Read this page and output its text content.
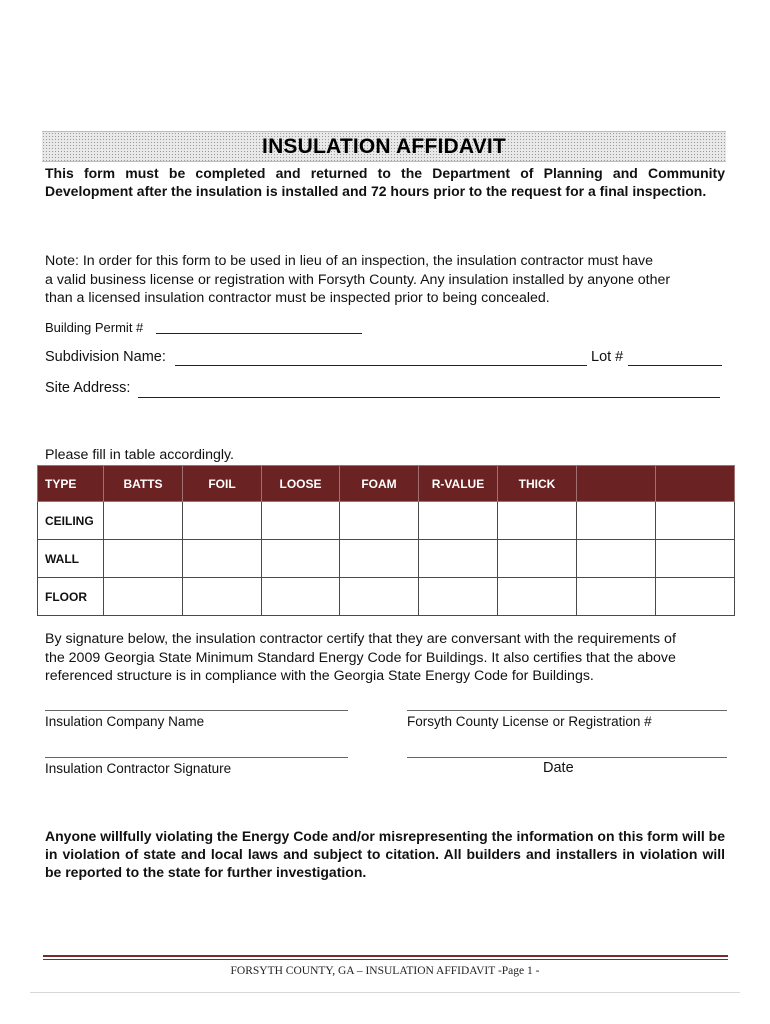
INSULATION AFFIDAVIT
This form must be completed and returned to the Department of Planning and Community Development after the insulation is installed and 72 hours prior to the request for a final inspection.
Note: In order for this form to be used in lieu of an inspection, the insulation contractor must have
a valid business license or registration with Forsyth County. Any insulation installed by anyone other
than a licensed insulation contractor must be inspected prior to being concealed.
Building Permit #
Subdivision Name:	Lot #
Site Address:
Please fill in table accordingly.
TYPE	BATTS	FOIL	LOOSE	FOAM	R-VALUE	THICK		
CEILING								
WALL								
FLOOR								
By signature below, the insulation contractor certify that they are conversant with the requirements of
the 2009 Georgia State Minimum Standard Energy Code for Buildings. It also certifies that the above
referenced structure is in compliance with the Georgia State Energy Code for Buildings.
Insulation Company Name	Forsyth County License or Registration #
Insulation Contractor Signature	Date
Anyone willfully violating the Energy Code and/or misrepresenting the information on this form will be in violation of state and local laws and subject to citation. All builders and installers in violation will be reported to the state for further investigation.
FORSYTH COUNTY, GA – INSULATION AFFIDAVIT -Page 1 -
